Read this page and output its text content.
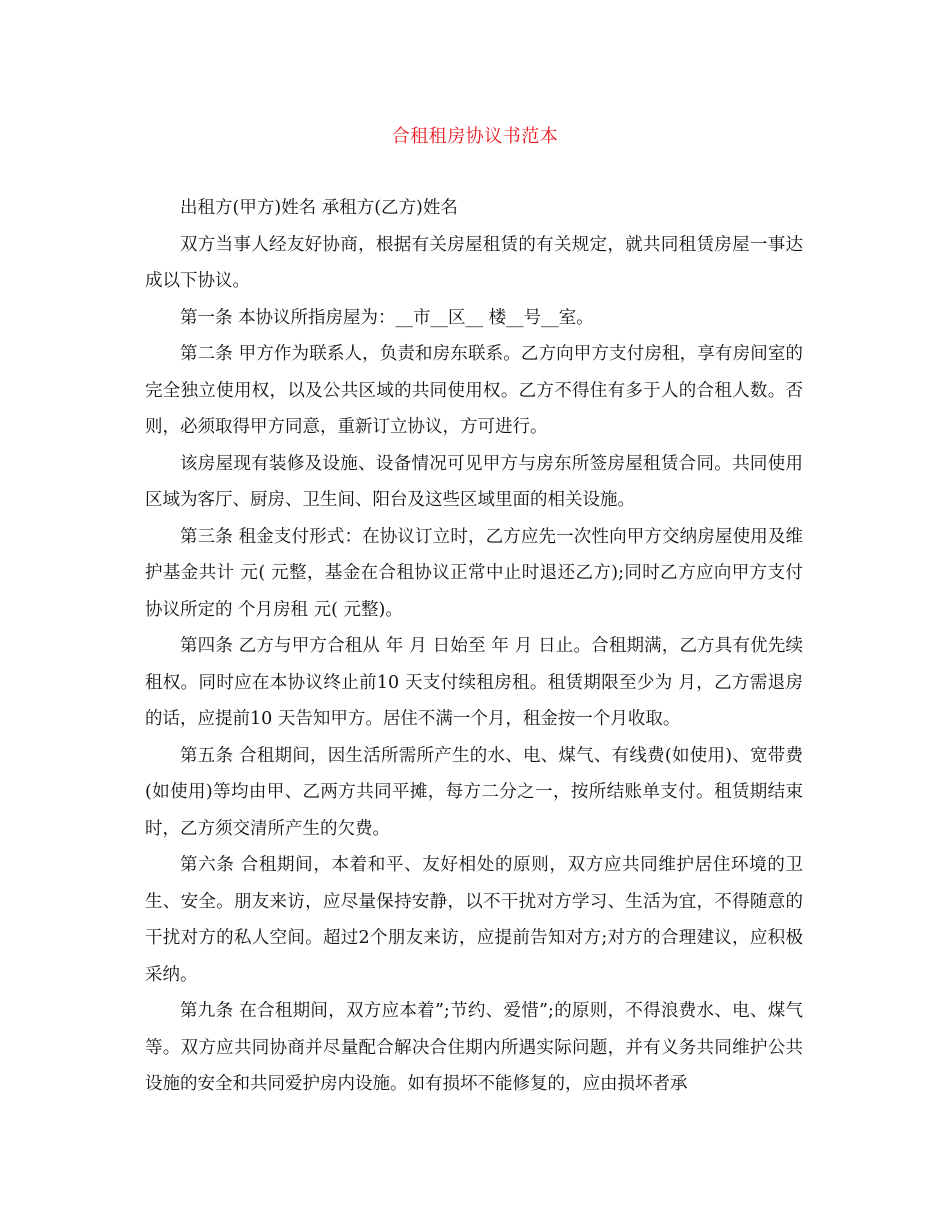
合租租房协议书范本

出租方(甲方)姓名 承租方(乙方)姓名

双方当事人经友好协商，根据有关房屋租赁的有关规定，就共同租赁房屋一事达成以下协议。

第一条 本协议所指房屋为：__市__区__ 楼__号__室。

第二条 甲方作为联系人，负责和房东联系。乙方向甲方支付房租，享有房间室的完全独立使用权，以及公共区域的共同使用权。乙方不得住有多于人的合租人数。否则，必须取得甲方同意，重新订立协议，方可进行。

该房屋现有装修及设施、设备情况可见甲方与房东所签房屋租赁合同。共同使用区域为客厅、厨房、卫生间、阳台及这些区域里面的相关设施。

第三条 租金支付形式：在协议订立时，乙方应先一次性向甲方交纳房屋使用及维护基金共计 元( 元整，基金在合租协议正常中止时退还乙方);同时乙方应向甲方支付协议所定的 个月房租 元( 元整)。

第四条 乙方与甲方合租从 年 月 日始至 年 月 日止。合租期满，乙方具有优先续租权。同时应在本协议终止前10 天支付续租房租。租赁期限至少为 月，乙方需退房的话，应提前10 天告知甲方。居住不满一个月，租金按一个月收取。

第五条 合租期间，因生活所需所产生的水、电、煤气、有线费(如使用)、宽带费(如使用)等均由甲、乙两方共同平摊，每方二分之一，按所结账单支付。租赁期结束时，乙方须交清所产生的欠费。

第六条 合租期间，本着和平、友好相处的原则，双方应共同维护居住环境的卫生、安全。朋友来访，应尽量保持安静，以不干扰对方学习、生活为宜，不得随意的干扰对方的私人空间。超过2个朋友来访，应提前告知对方;对方的合理建议，应积极采纳。

第九条 在合租期间，双方应本着”;节约、爱惜”;的原则，不得浪费水、电、煤气等。双方应共同协商并尽量配合解决合住期内所遇实际问题，并有义务共同维护公共设施的安全和共同爱护房内设施。如有损坏不能修复的，应由损坏者承
